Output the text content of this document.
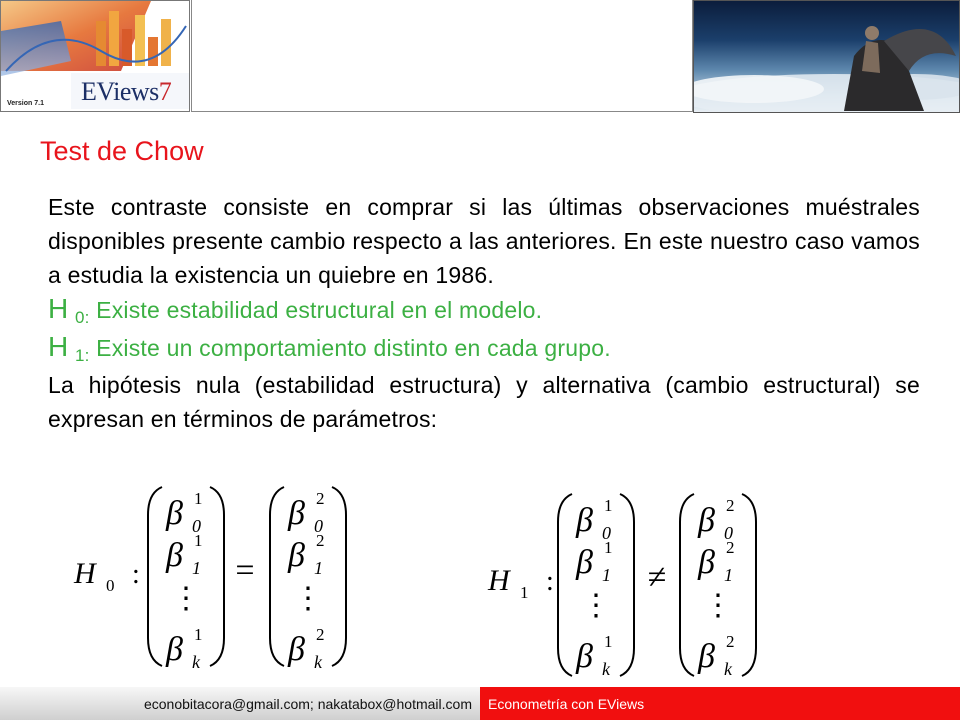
EViews7
Version 7.1
Test de Chow

Este contraste consiste en comprar si las últimas observaciones muéstrales disponibles presente cambio respecto a las anteriores. En este nuestro caso vamos a estudia la existencia un quiebre en 1986.

H $_{0:}$ Existe estabilidad estructural en el modelo.

H $_{1:}$ Existe un comportamiento distinto en cada grupo.

La hipótesis nula (estabilidad estructura) y alternativa (cambio estructural) se expresan en términos de parámetros:

H 0 :
β 0
1
β 1
1
⋮
β k
1
=
β 0
2
β 1
2
⋮
β k
2
H 1 :
β 0
1
β 1
1
⋮
β k
1
≠
β 0
2
β 1
2
⋮
β k
2
econobitacora@gmail.com; nakatabox@hotmail.com Econometría con EViews
